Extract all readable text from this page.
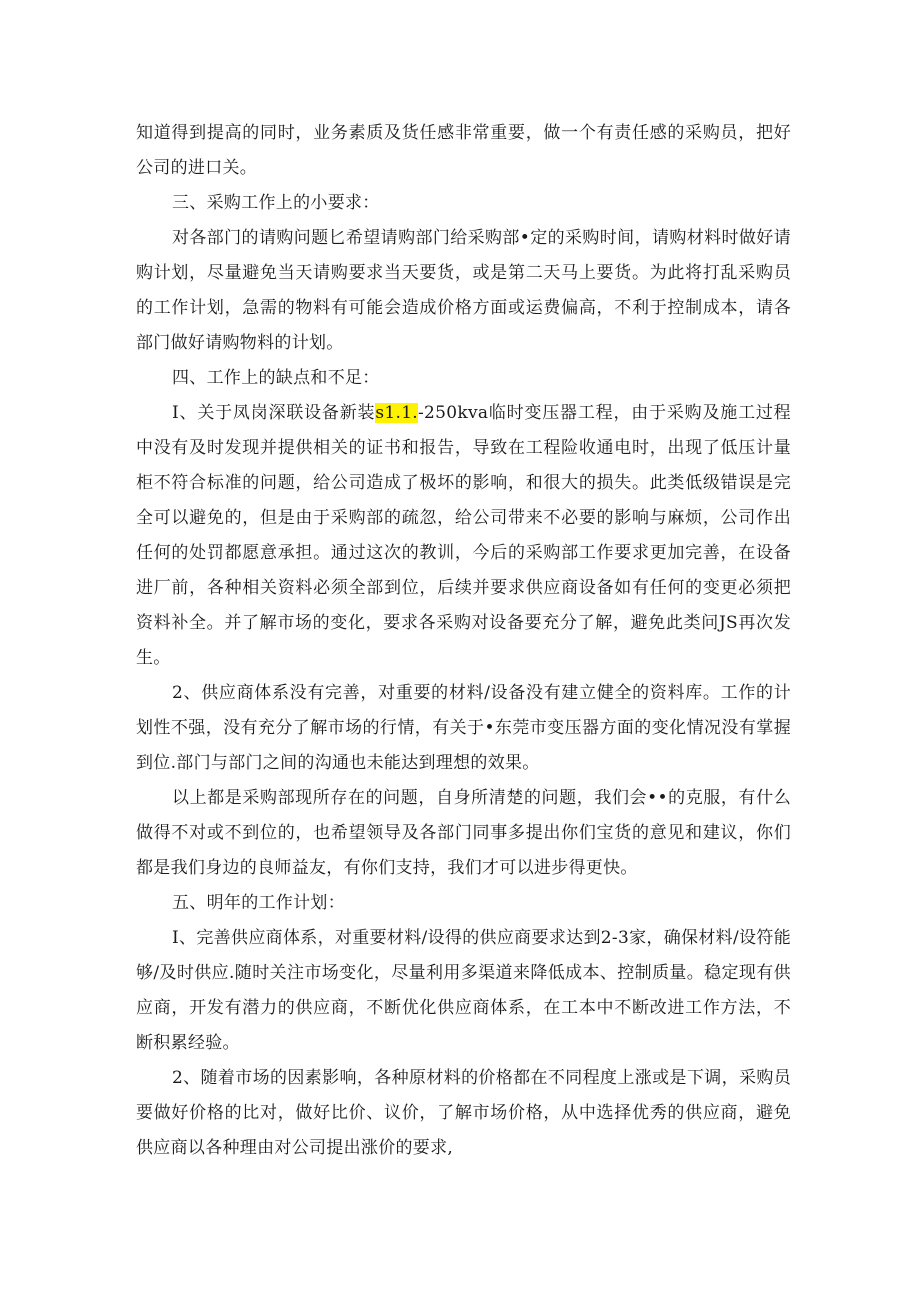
知道得到提高的同时，业务素质及货任感非常重要，做一个有责任感的采购员，把好公司的进口关。

三、采购工作上的小要求：

对各部门的请购问题匕希望请购部门给采购部•定的采购时间，请购材料时做好请购计划，尽量避免当天请购要求当天要货，或是第二天马上要货。为此将打乱采购员的工作计划，急需的物料有可能会造成价格方面或运费偏高，不利于控制成本，请各部门做好请购物料的计划。

四、工作上的缺点和不足：

I、关于凤岗深联设备新装s1.1.-250kva临时变压器工程，由于采购及施工过程中没有及时发现并提供相关的证书和报告，导致在工程险收通电时，出现了低压计量柜不符合标准的问题，给公司造成了极坏的影响，和很大的损失。此类低级错误是完全可以避免的，但是由于采购部的疏忽，给公司带来不必要的影响与麻烦，公司作出任何的处罚都愿意承担。通过这次的教训，今后的采购部工作要求更加完善，在设备进厂前，各种相关资料必须全部到位，后续并要求供应商设备如有任何的变更必须把资料补全。并了解市场的变化，要求各采购对设备要充分了解，避免此类问JS再次发生。

2、供应商体系没有完善，对重要的材料/设备没有建立健全的资料库。工作的计划性不强，没有充分了解市场的行情，有关于•东莞市变压器方面的变化情况没有掌握到位.部门与部门之间的沟通也未能达到理想的效果。

以上都是采购部现所存在的问题，自身所清楚的问题，我们会••的克服，有什么做得不对或不到位的，也希望领导及各部门同事多提出你们宝货的意见和建议，你们都是我们身边的良师益友，有你们支持，我们才可以进步得更快。

五、明年的工作计划：

I、完善供应商体系，对重要材料/设得的供应商要求达到2-3家，确保材料/设符能够/及时供应.随时关注市场变化，尽量利用多渠道来降低成本、控制质量。稳定现有供应商，开发有潜力的供应商，不断优化供应商体系，在工本中不断改进工作方法，不断积累经验。

2、随着市场的因素影响，各种原材料的价格都在不同程度上涨或是下调，采购员要做好价格的比对，做好比价、议价，了解市场价格，从中选择优秀的供应商，避免供应商以各种理由对公司提出涨价的要求,
